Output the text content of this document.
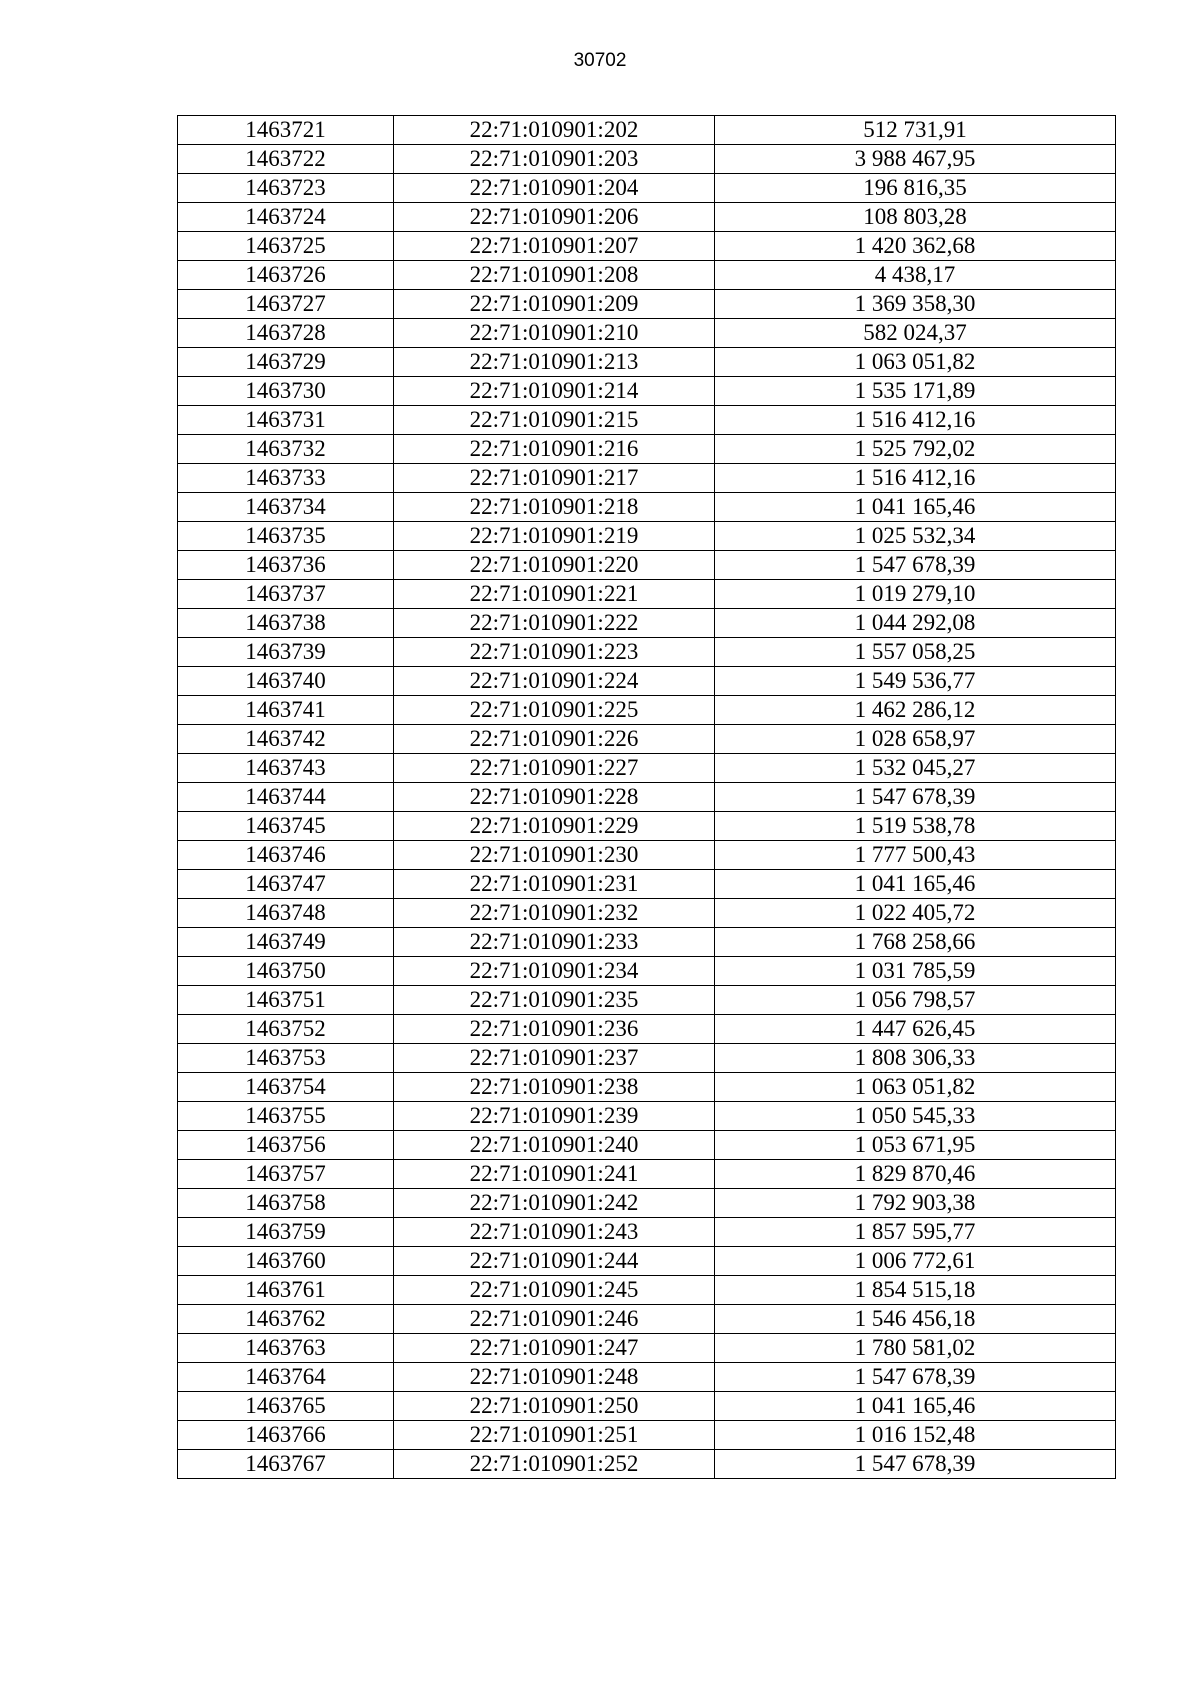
30702
1463721	22:71:010901:202	512 731,91
1463722	22:71:010901:203	3 988 467,95
1463723	22:71:010901:204	196 816,35
1463724	22:71:010901:206	108 803,28
1463725	22:71:010901:207	1 420 362,68
1463726	22:71:010901:208	4 438,17
1463727	22:71:010901:209	1 369 358,30
1463728	22:71:010901:210	582 024,37
1463729	22:71:010901:213	1 063 051,82
1463730	22:71:010901:214	1 535 171,89
1463731	22:71:010901:215	1 516 412,16
1463732	22:71:010901:216	1 525 792,02
1463733	22:71:010901:217	1 516 412,16
1463734	22:71:010901:218	1 041 165,46
1463735	22:71:010901:219	1 025 532,34
1463736	22:71:010901:220	1 547 678,39
1463737	22:71:010901:221	1 019 279,10
1463738	22:71:010901:222	1 044 292,08
1463739	22:71:010901:223	1 557 058,25
1463740	22:71:010901:224	1 549 536,77
1463741	22:71:010901:225	1 462 286,12
1463742	22:71:010901:226	1 028 658,97
1463743	22:71:010901:227	1 532 045,27
1463744	22:71:010901:228	1 547 678,39
1463745	22:71:010901:229	1 519 538,78
1463746	22:71:010901:230	1 777 500,43
1463747	22:71:010901:231	1 041 165,46
1463748	22:71:010901:232	1 022 405,72
1463749	22:71:010901:233	1 768 258,66
1463750	22:71:010901:234	1 031 785,59
1463751	22:71:010901:235	1 056 798,57
1463752	22:71:010901:236	1 447 626,45
1463753	22:71:010901:237	1 808 306,33
1463754	22:71:010901:238	1 063 051,82
1463755	22:71:010901:239	1 050 545,33
1463756	22:71:010901:240	1 053 671,95
1463757	22:71:010901:241	1 829 870,46
1463758	22:71:010901:242	1 792 903,38
1463759	22:71:010901:243	1 857 595,77
1463760	22:71:010901:244	1 006 772,61
1463761	22:71:010901:245	1 854 515,18
1463762	22:71:010901:246	1 546 456,18
1463763	22:71:010901:247	1 780 581,02
1463764	22:71:010901:248	1 547 678,39
1463765	22:71:010901:250	1 041 165,46
1463766	22:71:010901:251	1 016 152,48
1463767	22:71:010901:252	1 547 678,39
